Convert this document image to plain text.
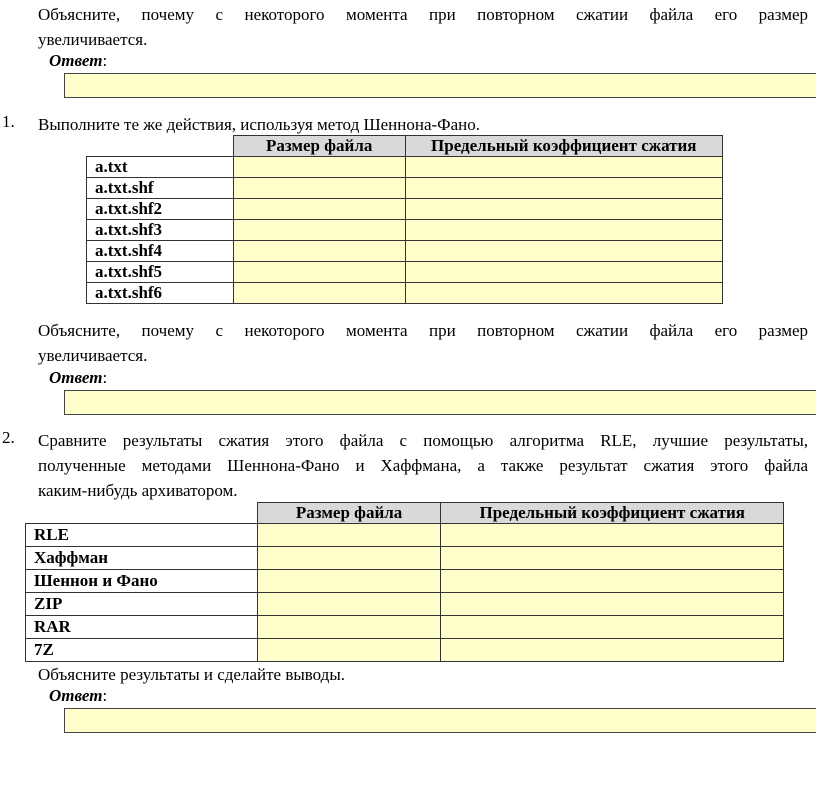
Объясните, почему с некоторого момента при повторном сжатии файла его размер
увеличивается.
Ответ:
1. Выполните те же действия, используя метод Шеннона-Фано.
	Размер файла	Предельный коэффициент сжатия
a.txt		
a.txt.shf		
a.txt.shf2		
a.txt.shf3		
a.txt.shf4		
a.txt.shf5		
a.txt.shf6		
Объясните, почему с некоторого момента при повторном сжатии файла его размер
увеличивается.
Ответ:
2. Сравните результаты сжатия этого файла с помощью алгоритма RLE, лучшие результаты,
полученные методами Шеннона-Фано и Хаффмана, а также результат сжатия этого файла
каким-нибудь архиватором.
	Размер файла	Предельный коэффициент сжатия
RLE		
Хаффман		
Шеннон и Фано		
ZIP		
RAR		
7Z		
Объясните результаты и сделайте выводы.
Ответ:
